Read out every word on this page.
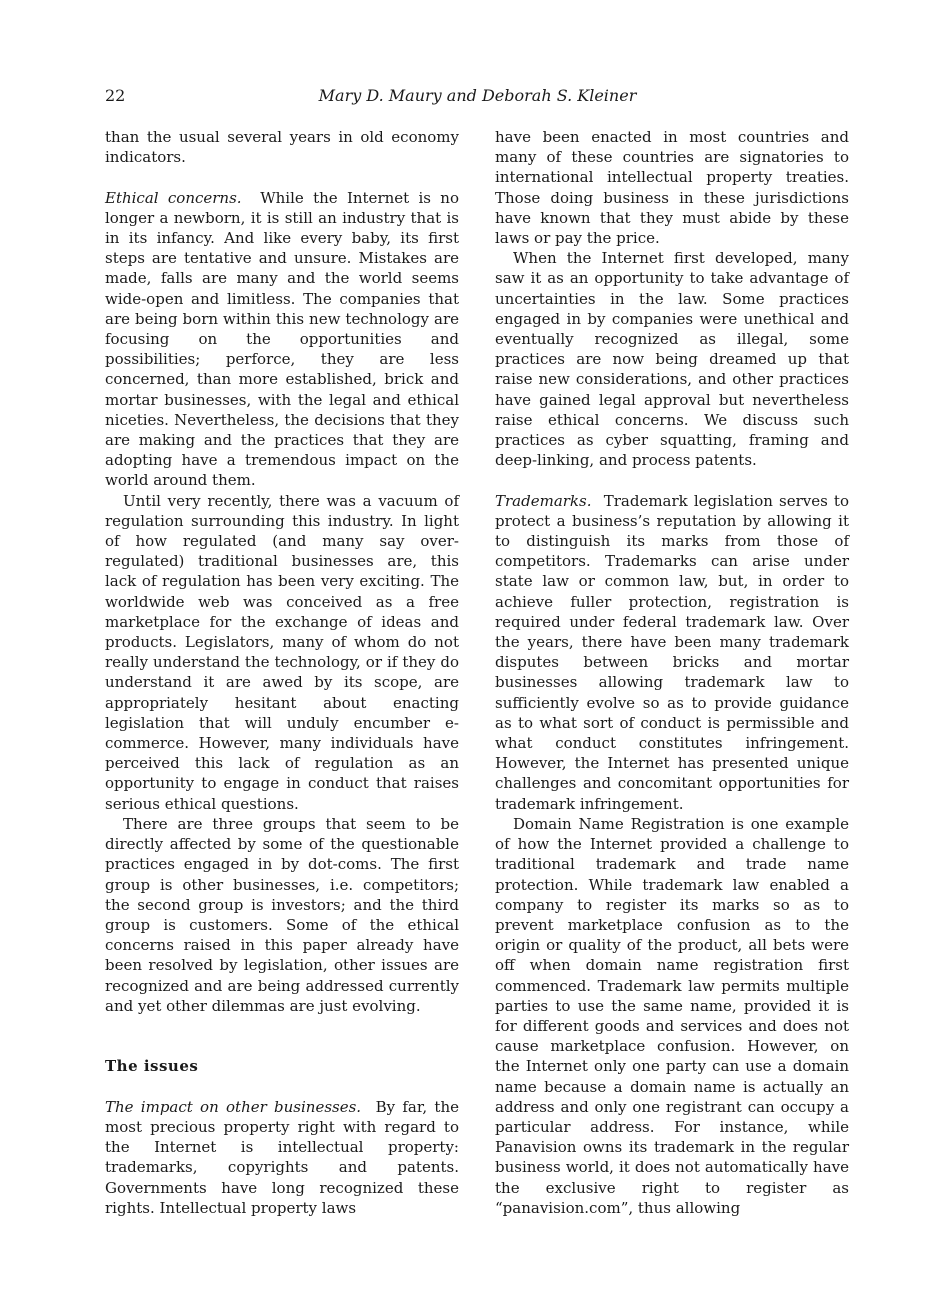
22	Mary D. Maury and Deborah S. Kleiner

than the usual several years in old economy indicators.

Ethical concerns. While the Internet is no longer a newborn, it is still an industry that is in its infancy. And like every baby, its first steps are tentative and unsure. Mistakes are made, falls are many and the world seems wide-open and limitless. The companies that are being born within this new technology are focusing on the opportunities and possibilities; perforce, they are less concerned, than more established, brick and mortar businesses, with the legal and ethical niceties. Nevertheless, the decisions that they are making and the practices that they are adopting have a tremendous impact on the world around them.

Until very recently, there was a vacuum of regulation surrounding this industry. In light of how regulated (and many say over-regulated) traditional businesses are, this lack of regulation has been very exciting. The worldwide web was conceived as a free marketplace for the exchange of ideas and products. Legislators, many of whom do not really understand the technology, or if they do understand it are awed by its scope, are appropriately hesitant about enacting legislation that will unduly encumber e-commerce. However, many individuals have perceived this lack of regulation as an opportunity to engage in conduct that raises serious ethical questions.

There are three groups that seem to be directly affected by some of the questionable practices engaged in by dot-coms. The first group is other businesses, i.e. competitors; the second group is investors; and the third group is customers. Some of the ethical concerns raised in this paper already have been resolved by legislation, other issues are recognized and are being addressed currently and yet other dilemmas are just evolving.

The issues

The impact on other businesses. By far, the most precious property right with regard to the Internet is intellectual property: trademarks, copyrights and patents. Governments have long recognized these rights. Intellectual property laws

have been enacted in most countries and many of these countries are signatories to international intellectual property treaties. Those doing business in these jurisdictions have known that they must abide by these laws or pay the price.

When the Internet first developed, many saw it as an opportunity to take advantage of uncertainties in the law. Some practices engaged in by companies were unethical and eventually recognized as illegal, some practices are now being dreamed up that raise new considerations, and other practices have gained legal approval but nevertheless raise ethical concerns. We discuss such practices as cyber squatting, framing and deep-linking, and process patents.

Trademarks. Trademark legislation serves to protect a business’s reputation by allowing it to distinguish its marks from those of competitors. Trademarks can arise under state law or common law, but, in order to achieve fuller protection, registration is required under federal trademark law. Over the years, there have been many trademark disputes between bricks and mortar businesses allowing trademark law to sufficiently evolve so as to provide guidance as to what sort of conduct is permissible and what conduct constitutes infringement. However, the Internet has presented unique challenges and concomitant opportunities for trademark infringement.

Domain Name Registration is one example of how the Internet provided a challenge to traditional trademark and trade name protection. While trademark law enabled a company to register its marks so as to prevent marketplace confusion as to the origin or quality of the product, all bets were off when domain name registration first commenced. Trademark law permits multiple parties to use the same name, provided it is for different goods and services and does not cause marketplace confusion. However, on the Internet only one party can use a domain name because a domain name is actually an address and only one registrant can occupy a particular address. For instance, while Panavision owns its trademark in the regular business world, it does not automatically have the exclusive right to register as “panavision.com”, thus allowing
